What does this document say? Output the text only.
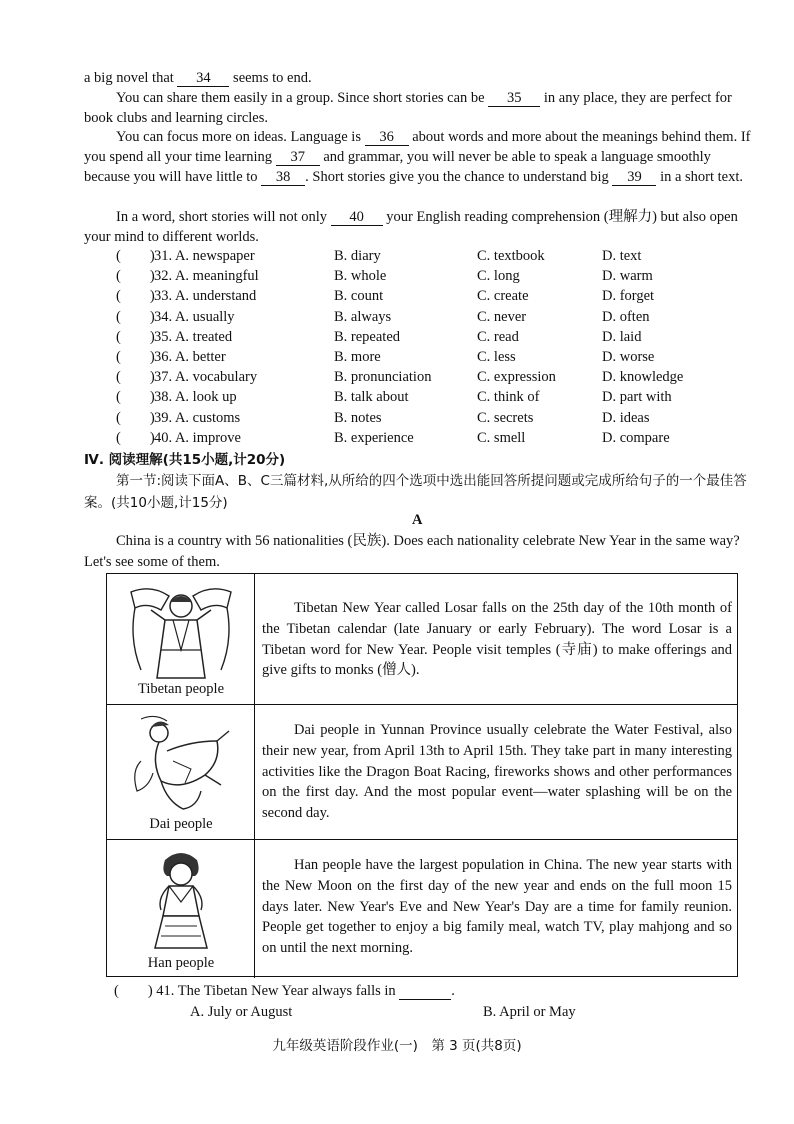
a big novel that 34 seems to end.
You can share them easily in a group. Since short stories can be 35 in any place, they are perfect for book clubs and learning circles.
You can focus more on ideas. Language is 36 about words and more about the meanings behind them. If you spend all your time learning 37 and grammar, you will never be able to speak a language smoothly because you will have little to 38 . Short stories give you the chance to understand big 39 in a short text.
In a word, short stories will not only 40 your English reading comprehension (理解力) but also open your mind to different worlds.
(　　) 31. A. newspaper	B. diary	C. textbook	D. text
(　　) 32. A. meaningful	B. whole	C. long	D. warm
(　　) 33. A. understand	B. count	C. create	D. forget
(　　) 34. A. usually	B. always	C. never	D. often
(　　) 35. A. treated	B. repeated	C. read	D. laid
(　　) 36. A. better	B. more	C. less	D. worse
(　　) 37. A. vocabulary	B. pronunciation	C. expression	D. knowledge
(　　) 38. A. look up	B. talk about	C. think of	D. part with
(　　) 39. A. customs	B. notes	C. secrets	D. ideas
(　　) 40. A. improve	B. experience	C. smell	D. compare
Ⅳ. 阅读理解(共15小题,计20分)
第一节:阅读下面A、B、C三篇材料,从所给的四个选项中选出能回答所提问题或完成所给句子的一个最佳答案。(共10小题,计15分)
A
China is a country with 56 nationalities (民族). Does each nationality celebrate New Year in the same way? Let's see some of them.
Tibetan people
Tibetan New Year called Losar falls on the 25th day of the 10th month of the Tibetan calendar (late January or early February). The word Losar is a Tibetan word for New Year. People visit temples (寺庙) to make offerings and give gifts to monks (僧人).
Dai people
Dai people in Yunnan Province usually celebrate the Water Festival, also their new year, from April 13th to April 15th. They take part in many interesting activities like the Dragon Boat Racing, fireworks shows and other performances on the first day. And the most popular event—water splashing will be on the second day.
Han people
Han people have the largest population in China. The new year starts with the New Moon on the first day of the new year and ends on the full moon 15 days later. New Year's Eve and New Year's Day are a time for family reunion. People get together to enjoy a big family meal, watch TV, play mahjong and so on until the next morning.
(　　) 41. The Tibetan New Year always falls in	.
A. July or August	B. April or May
九年级英语阶段作业(一)　第 3 页(共8页)
